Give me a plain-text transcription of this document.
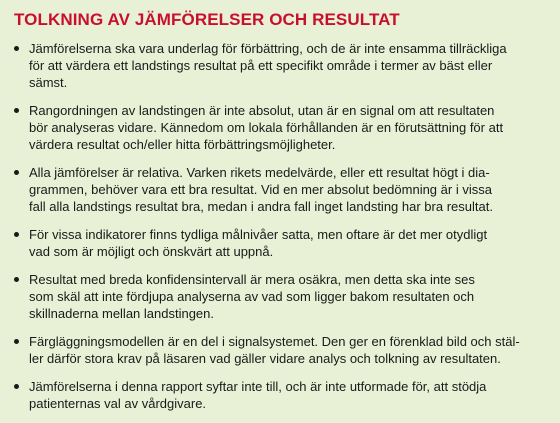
TOLKNING AV JÄMFÖRELSER OCH RESULTAT
Jämförelserna ska vara underlag för förbättring, och de är inte ensamma tillräckliga
för att värdera ett landstings resultat på ett specifikt område i termer av bäst eller
sämst.
Rangordningen av landstingen är inte absolut, utan är en signal om att resultaten
bör analyseras vidare. Kännedom om lokala förhållanden är en förutsättning för att
värdera resultat och/eller hitta förbättringsmöjligheter.
Alla jämförelser är relativa. Varken rikets medelvärde, eller ett resultat högt i dia-
grammen, behöver vara ett bra resultat. Vid en mer absolut bedömning är i vissa
fall alla landstings resultat bra, medan i andra fall inget landsting har bra resultat.
För vissa indikatorer finns tydliga målnivåer satta, men oftare är det mer otydligt
vad som är möjligt och önskvärt att uppnå.
Resultat med breda konfidensintervall är mera osäkra, men detta ska inte ses
som skäl att inte fördjupa analyserna av vad som ligger bakom resultaten och
skillnaderna mellan landstingen.
Färgläggningsmodellen är en del i signalsystemet. Den ger en förenklad bild och stäl-
ler därför stora krav på läsaren vad gäller vidare analys och tolkning av resultaten.
Jämförelserna i denna rapport syftar inte till, och är inte utformade för, att stödja
patienternas val av vårdgivare.
